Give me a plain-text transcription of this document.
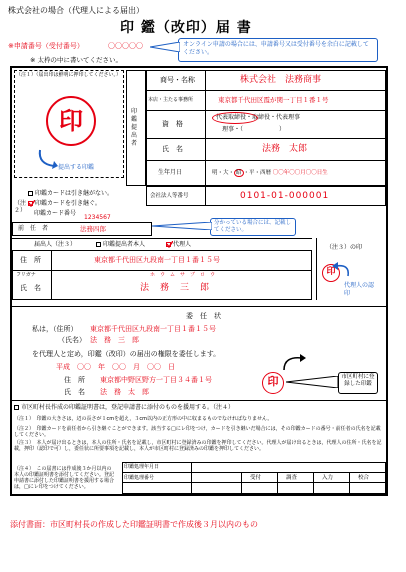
株式会社の場合（代理人による届出）
印 鑑（改印）届 書
※申請番号（受付番号）	〇〇〇〇〇
※ 太枠の中に書いてください。
オンライン申請の場合には、申請番号又は受付番号を余白に記載してください。
（注１）（届出印は鮮明に押印してください。）
印
提出する印鑑
印鑑提出者
商号・名称	株式会社　法務商事
本店・主たる事務所	東京都千代田区霞が関一丁目１番１号
資　格
代表取締役・取締役・代表理事
理事・（　　　　　　）
氏　名	法務　太郎
生年月日	明・大・ 昭 ・平・西暦 〇〇年〇〇月〇〇日生
会社法人等番号	0101-01-000001
（注２）
印鑑カードは引き継がない。
印鑑カードを引き継ぐ。
印鑑カード番号
1234567
前　任　者	法務四郎
分かっている場合には、記載してください。
届出人（注３）	印鑑提出者本人	代理人
住　所	東京都千代田区九段南一丁目１番１５号
フリガナ	ホ　ウ　ム　サ　ブ　ロ　ウ
氏　名	法　務　三　郎
（注３）の印
印
代理人の認印
委　任　状
私は，（住所） 東京都千代田区九段南一丁目１番１５号
（氏名） 法　務　三　郎
を代理人と定め，印鑑（改印）の届出の権限を委任します。
平成　〇〇　年　〇〇　月　〇〇　日
住　所 東京都中野区野方一丁目３４番１号
氏　名 法　務　太　郎
印	市区町村に登録した印鑑
市区町村長作成の印鑑証明書は，登記申請書に添付のものを援用する。（注４）
（注１）　印鑑の大きさは，辺の長さが１cmを超え，３cm以内の正方形の中に収まるものでなければなりません。
（注２）　印鑑カードを前任者から引き継ぐことができます。該当する□にレ印をつけ，カードを引き継いだ場合には，その印鑑カードの番号・前任者の氏名を記載してください。
（注３）　本人が届け出るときは，本人の住所・氏名を記載し，市区町村に登録済みの印鑑を押印してください。代理人が届け出るときは，代理人の住所・氏名を記載，押印（認印で可）し，委任状に所要事項を記載し，本人が市区町村に登録済みの印鑑を押印してください。
（注４）　この届書には作成後３か月以内の本人の印鑑証明書を添付してください。登記申請書に添付した印鑑証明書を援用する場合は，□にレ印をつけてください。
印鑑処理年月日
印鑑処理番号	受付	調査	入力	校合
添付書面：市区町村長の作成した印鑑証明書で作成後３月以内のもの
